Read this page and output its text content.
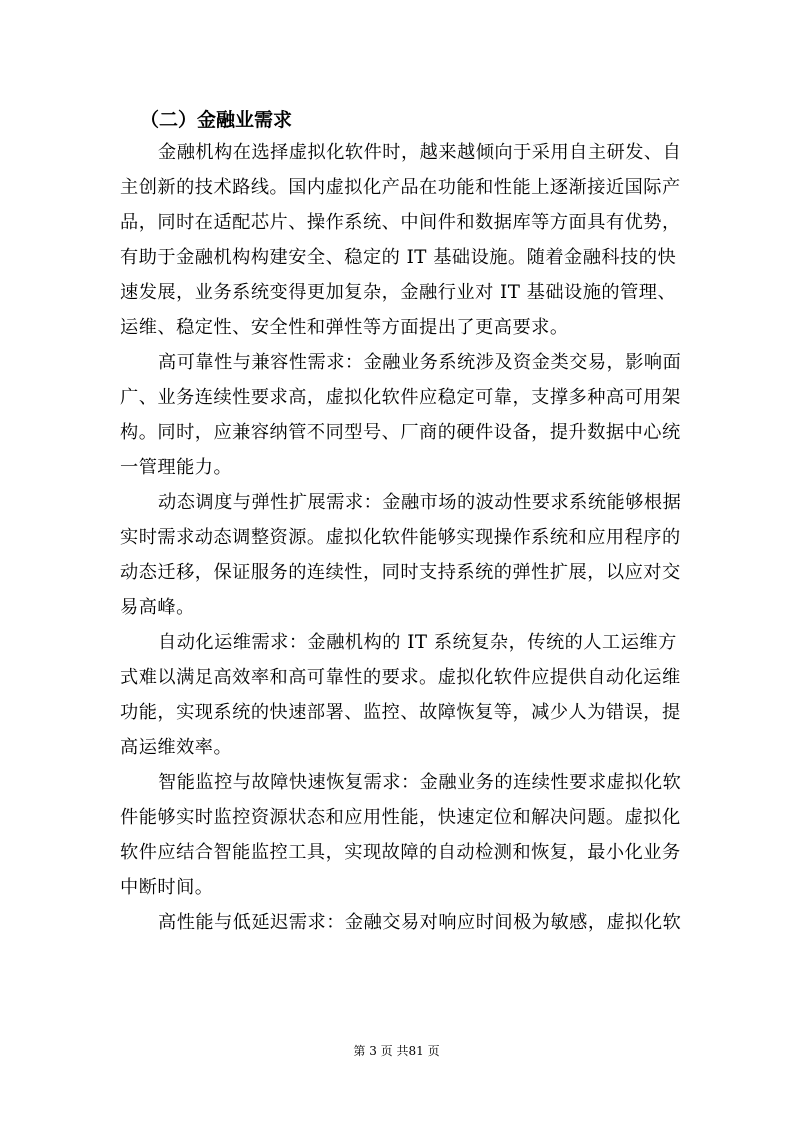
（二）金融业需求

金融机构在选择虚拟化软件时，越来越倾向于采用自主研发、自
主创新的技术路线。国内虚拟化产品在功能和性能上逐渐接近国际产
品，同时在适配芯片、操作系统、中间件和数据库等方面具有优势，
有助于金融机构构建安全、稳定的 IT 基础设施。随着金融科技的快
速发展，业务系统变得更加复杂，金融行业对 IT 基础设施的管理、
运维、稳定性、安全性和弹性等方面提出了更高要求。

高可靠性与兼容性需求：金融业务系统涉及资金类交易，影响面
广、业务连续性要求高，虚拟化软件应稳定可靠，支撑多种高可用架
构。同时，应兼容纳管不同型号、厂商的硬件设备，提升数据中心统
一管理能力。

动态调度与弹性扩展需求：金融市场的波动性要求系统能够根据
实时需求动态调整资源。虚拟化软件能够实现操作系统和应用程序的
动态迁移，保证服务的连续性，同时支持系统的弹性扩展，以应对交
易高峰。

自动化运维需求：金融机构的 IT 系统复杂，传统的人工运维方
式难以满足高效率和高可靠性的要求。虚拟化软件应提供自动化运维
功能，实现系统的快速部署、监控、故障恢复等，减少人为错误，提
高运维效率。

智能监控与故障快速恢复需求：金融业务的连续性要求虚拟化软
件能够实时监控资源状态和应用性能，快速定位和解决问题。虚拟化
软件应结合智能监控工具，实现故障的自动检测和恢复，最小化业务
中断时间。

高性能与低延迟需求：金融交易对响应时间极为敏感，虚拟化软

第 3 页 共81 页
